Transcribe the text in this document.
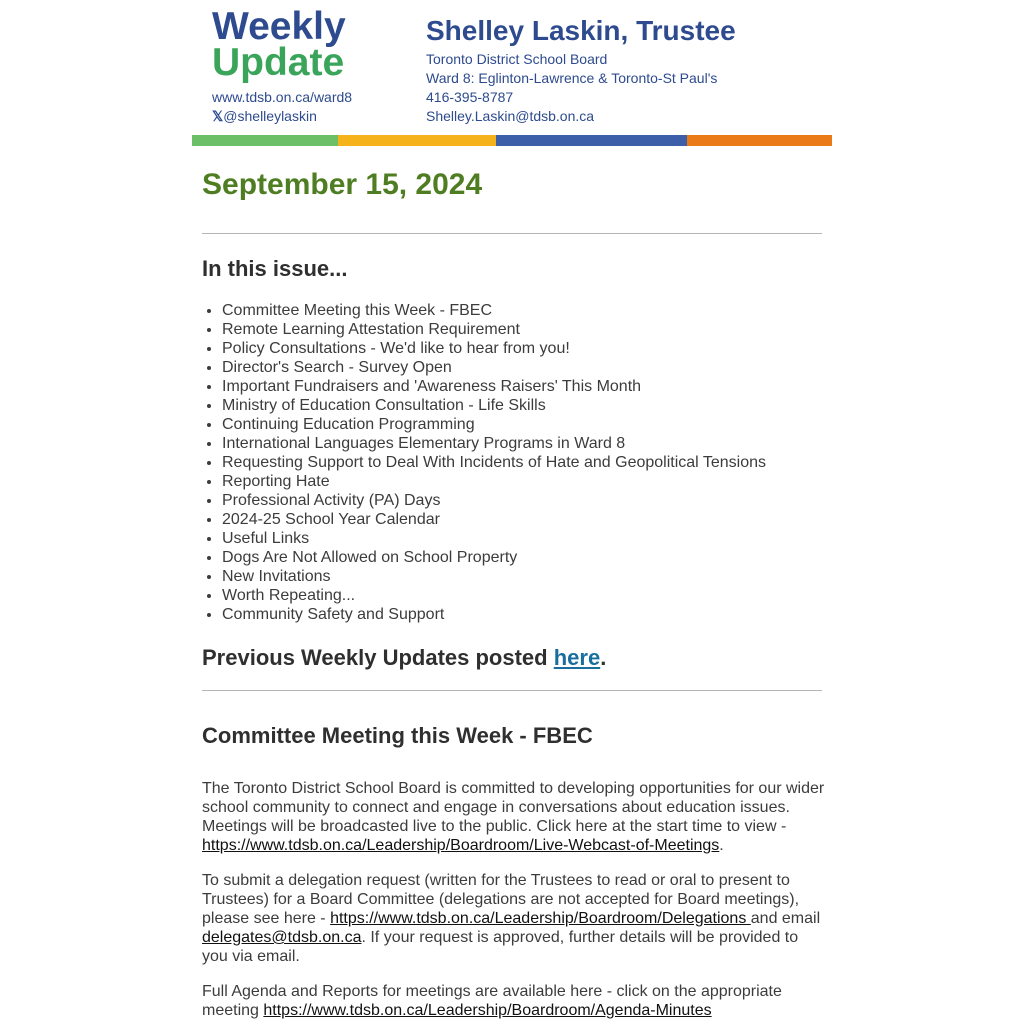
Weekly
Update
www.tdsb.on.ca/ward8
𝕏@shelleylaskin
Shelley Laskin, Trustee
Toronto District School Board
Ward 8: Eglinton-Lawrence & Toronto-St Paul's
416-395-8787
Shelley.Laskin@tdsb.on.ca
September 15, 2024
In this issue...
• Committee Meeting this Week - FBEC
• Remote Learning Attestation Requirement
• Policy Consultations - We'd like to hear from you!
• Director's Search - Survey Open
• Important Fundraisers and 'Awareness Raisers' This Month
• Ministry of Education Consultation - Life Skills
• Continuing Education Programming
• International Languages Elementary Programs in Ward 8
• Requesting Support to Deal With Incidents of Hate and Geopolitical Tensions
• Reporting Hate
• Professional Activity (PA) Days
• 2024-25 School Year Calendar
• Useful Links
• Dogs Are Not Allowed on School Property
• New Invitations
• Worth Repeating...
• Community Safety and Support
Previous Weekly Updates posted here.
Committee Meeting this Week - FBEC
The Toronto District School Board is committed to developing opportunities for our wider school community to connect and engage in conversations about education issues. Meetings will be broadcasted live to the public. Click here at the start time to view - https://www.tdsb.on.ca/Leadership/Boardroom/Live-Webcast-of-Meetings.
To submit a delegation request (written for the Trustees to read or oral to present to Trustees) for a Board Committee (delegations are not accepted for Board meetings), please see here - https://www.tdsb.on.ca/Leadership/Boardroom/Delegations and email delegates@tdsb.on.ca. If your request is approved, further details will be provided to you via email.
Full Agenda and Reports for meetings are available here - click on the appropriate meeting https://www.tdsb.on.ca/Leadership/Boardroom/Agenda-Minutes
